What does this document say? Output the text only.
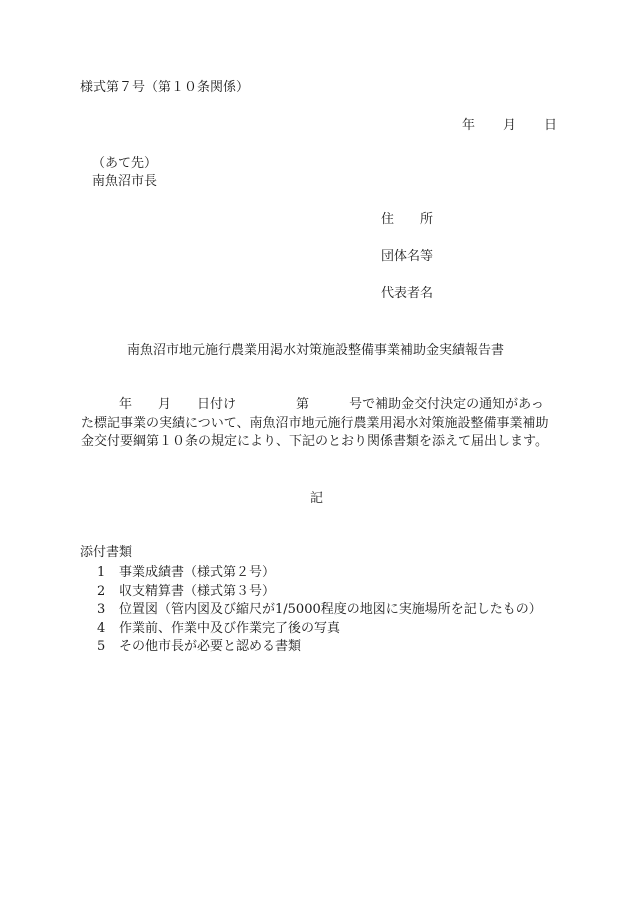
様式第７号（第１０条関係）
年 月 日
（あて先）
南魚沼市長
住　　所
団体名等
代表者名
南魚沼市地元施行農業用渇水対策施設整備事業補助金実績報告書
年 月 日付け	第	号で補助金交付決定の通知があっ
た標記事業の実績について、南魚沼市地元施行農業用渇水対策施設整備事業補助
金交付要綱第１０条の規定により、下記のとおり関係書類を添えて届出します。
記
添付書類
1 事業成績書（様式第２号）
2 収支精算書（様式第３号）
3 位置図（管内図及び縮尺が1/5000程度の地図に実施場所を記したもの）
4 作業前、作業中及び作業完了後の写真
5 その他市長が必要と認める書類
